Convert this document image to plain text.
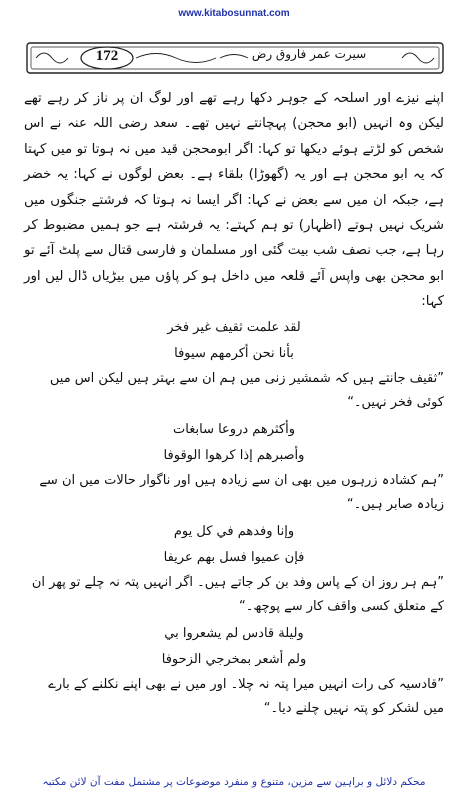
www.kitabosunnat.com
172	سیرت عمر فاروق رض

اپنے نیزے اور اسلحہ کے جوہر دکھا رہے تھے اور لوگ ان پر ناز کر رہے تھے لیکن وہ انہیں (ابو محجن) پہچانتے نہیں تھے۔ سعد رضی اللہ عنہ نے اس شخص کو لڑتے ہوئے دیکھا تو کہا: اگر ابومحجن قید میں نہ ہوتا تو میں کہتا کہ یہ ابو محجن ہے اور یہ (گھوڑا) بلقاء ہے۔ بعض لوگوں نے کہا: یہ خضر ہے، جبکہ ان میں سے بعض نے کہا: اگر ایسا نہ ہوتا کہ فرشتے جنگوں میں شریک نہیں ہوتے (اظہار) تو ہم کہتے: یہ فرشتہ ہے جو ہمیں مضبوط کر رہا ہے، جب نصف شب بیت گئی اور مسلمان و فارسی قتال سے پلٹ آئے تو ابو محجن بھی واپس آئے قلعہ میں داخل ہو کر پاؤں میں بیڑیاں ڈال لیں اور کہا:

لقد علمت ثقيف غير فخر

بأنا نحن أكرمهم سيوفا

”ثقیف جانتے ہیں کہ شمشیر زنی میں ہم ان سے بہتر ہیں لیکن اس میں کوئی فخر نہیں۔“

وأكثرهم دروعا سابغات

وأصبرهم إذا كرهوا الوقوفا

”ہم کشادہ زرہوں میں بھی ان سے زیادہ ہیں اور ناگوار حالات میں ان سے زیادہ صابر ہیں۔“

وإنا وفدهم في كل يوم

فإن عميوا فسل بهم عريفا

”ہم ہر روز ان کے پاس وفد بن کر جاتے ہیں۔ اگر انہیں پتہ نہ چلے تو پھر ان کے متعلق کسی واقف کار سے پوچھ۔“

وليلة قادس لم يشعروا بي

ولم أشعر بمخرجي الزحوفا

”قادسیہ کی رات انہیں میرا پتہ نہ چلا۔ اور میں نے بھی اپنے نکلنے کے بارے میں لشکر کو پتہ نہیں چلنے دیا۔“

محکم دلائل و براہین سے مزین، متنوع و منفرد موضوعات پر مشتمل مفت آن لائن مکتبہ
